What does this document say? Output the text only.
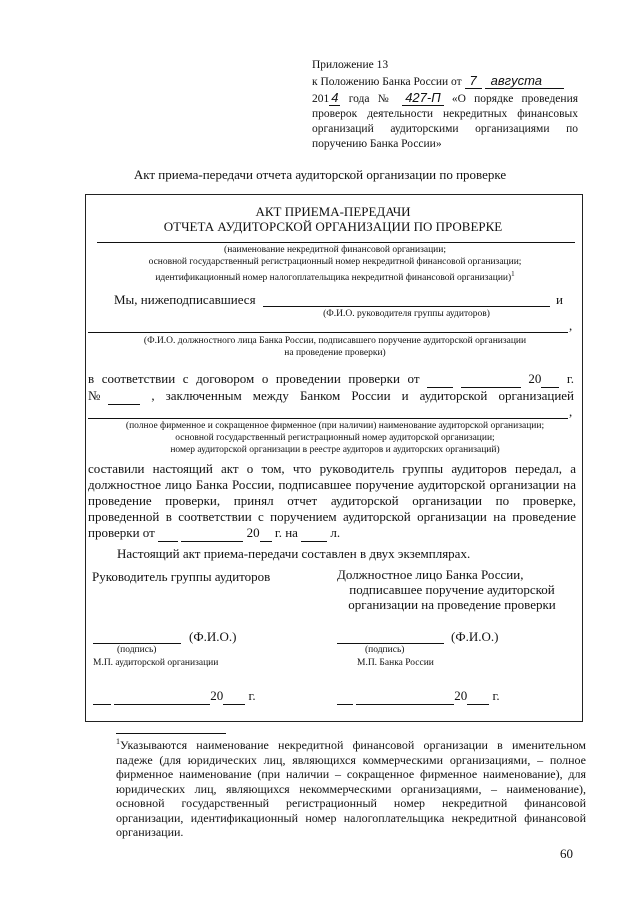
Приложение 13
к Положению Банка России от 7 августа
201 4 года № 427-П «О порядке проведения
проверок деятельности некредитных финансовых
организаций аудиторскими организациями по
поручению Банка России»
Акт приема-передачи отчета аудиторской организации по проверке
АКТ ПРИЕМА-ПЕРЕДАЧИ
ОТЧЕТА АУДИТОРСКОЙ ОРГАНИЗАЦИИ ПО ПРОВЕРКЕ
(наименование некредитной финансовой организации;
основной государственный регистрационный номер некредитной финансовой организации;
идентификационный номер налогоплательщика некредитной финансовой организации)$^1$
Мы, нижеподписавшиеся	и
(Ф.И.О. руководителя группы аудиторов)
,
(Ф.И.О. должностного лица Банка России, подписавшего поручение аудиторской организации
на проведение проверки)
в соответствии с договором о проведении проверки от	20 г.
№	, заключенным между Банком России и аудиторской организацией
,
(полное фирменное и сокращенное фирменное (при наличии) наименование аудиторской организации;
основной государственный регистрационный номер аудиторской организации;
номер аудиторской организации в реестре аудиторов и аудиторских организаций)
составили настоящий акт о том, что руководитель группы аудиторов передал, а
должностное лицо Банка России, подписавшее поручение аудиторской организации на
проведение проверки, принял отчет аудиторской организации по проверке,
проведенной в соответствии с поручением аудиторской организации на проведение
проверки от	20 г. на	л.
Настоящий акт приема-передачи составлен в двух экземплярах.
Руководитель группы аудиторов	Должностное лицо Банка России,
подписавшее поручение аудиторской
организации на проведение проверки
(Ф.И.О.)	(Ф.И.О.)
(подпись)	(подпись)
М.П. аудиторской организации	М.П. Банка России
20 г.	20 г.
$^1$Указываются наименование некредитной финансовой организации в именительном падеже (для юридических лиц, являющихся коммерческими организациями, – полное фирменное наименование (при наличии – сокращенное фирменное наименование), для юридических лиц, являющихся некоммерческими организациями, – наименование), основной государственный регистрационный номер некредитной финансовой организации, идентификационный номер налогоплательщика некредитной финансовой организации.
60
